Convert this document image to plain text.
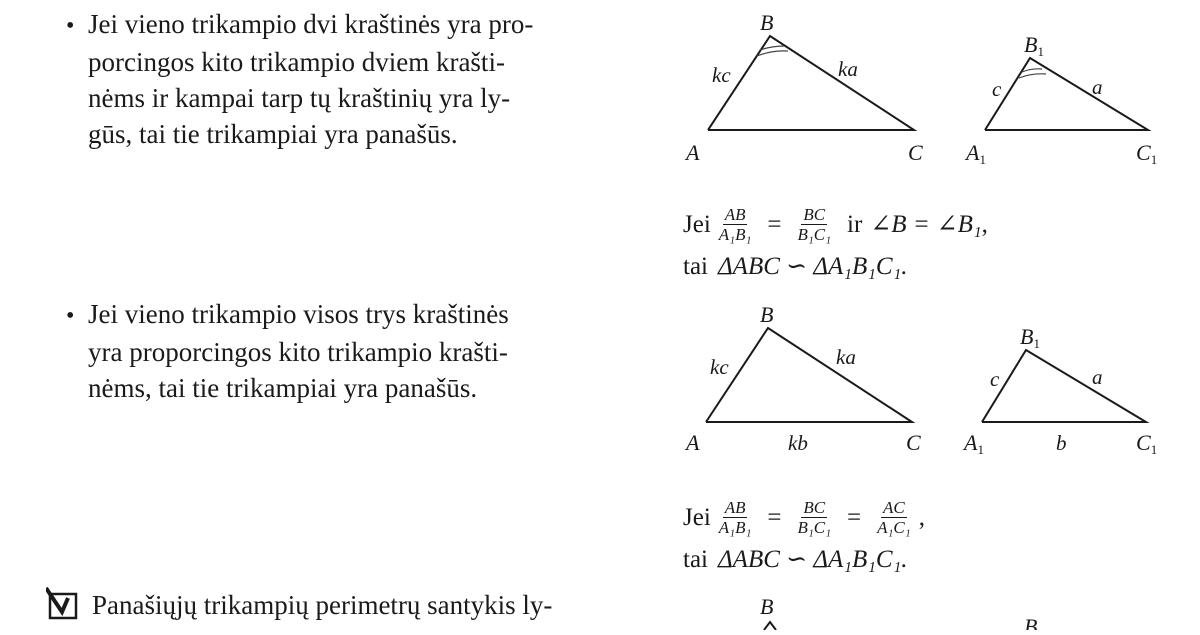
• Jei vieno trikampio dvi kraštinės yra pro-
porcingos kito trikampio dviem krašti-
nėms ir kampai tarp tų kraštinių yra ly-
gūs, tai tie trikampiai yra panašūs.
B
A	C
kc	ka
B1
A1	C1
c	a
Jei $\frac{AB}{\text{A₁B₁}} = \frac{BC}{\text{B₁C₁}}$ ir ∠B = ∠B₁ ,
tai ΔABC ∽ ΔA₁B₁C₁.
• Jei vieno trikampio visos trys kraštinės
yra proporcingos kito trikampio krašti-
nėms, tai tie trikampiai yra panašūs.
B
A	C
kc	ka
kb
B1
A1	C1
c	a
b
Jei $\frac{AB}{\text{A₁B₁}} = \frac{BC}{\text{B₁C₁}} = \frac{AC}{\text{A₁C₁}}$ ,
tai ΔABC ∽ ΔA₁B₁C₁.
Panašiųjų trikampių perimetrų santykis ly-	B
B
